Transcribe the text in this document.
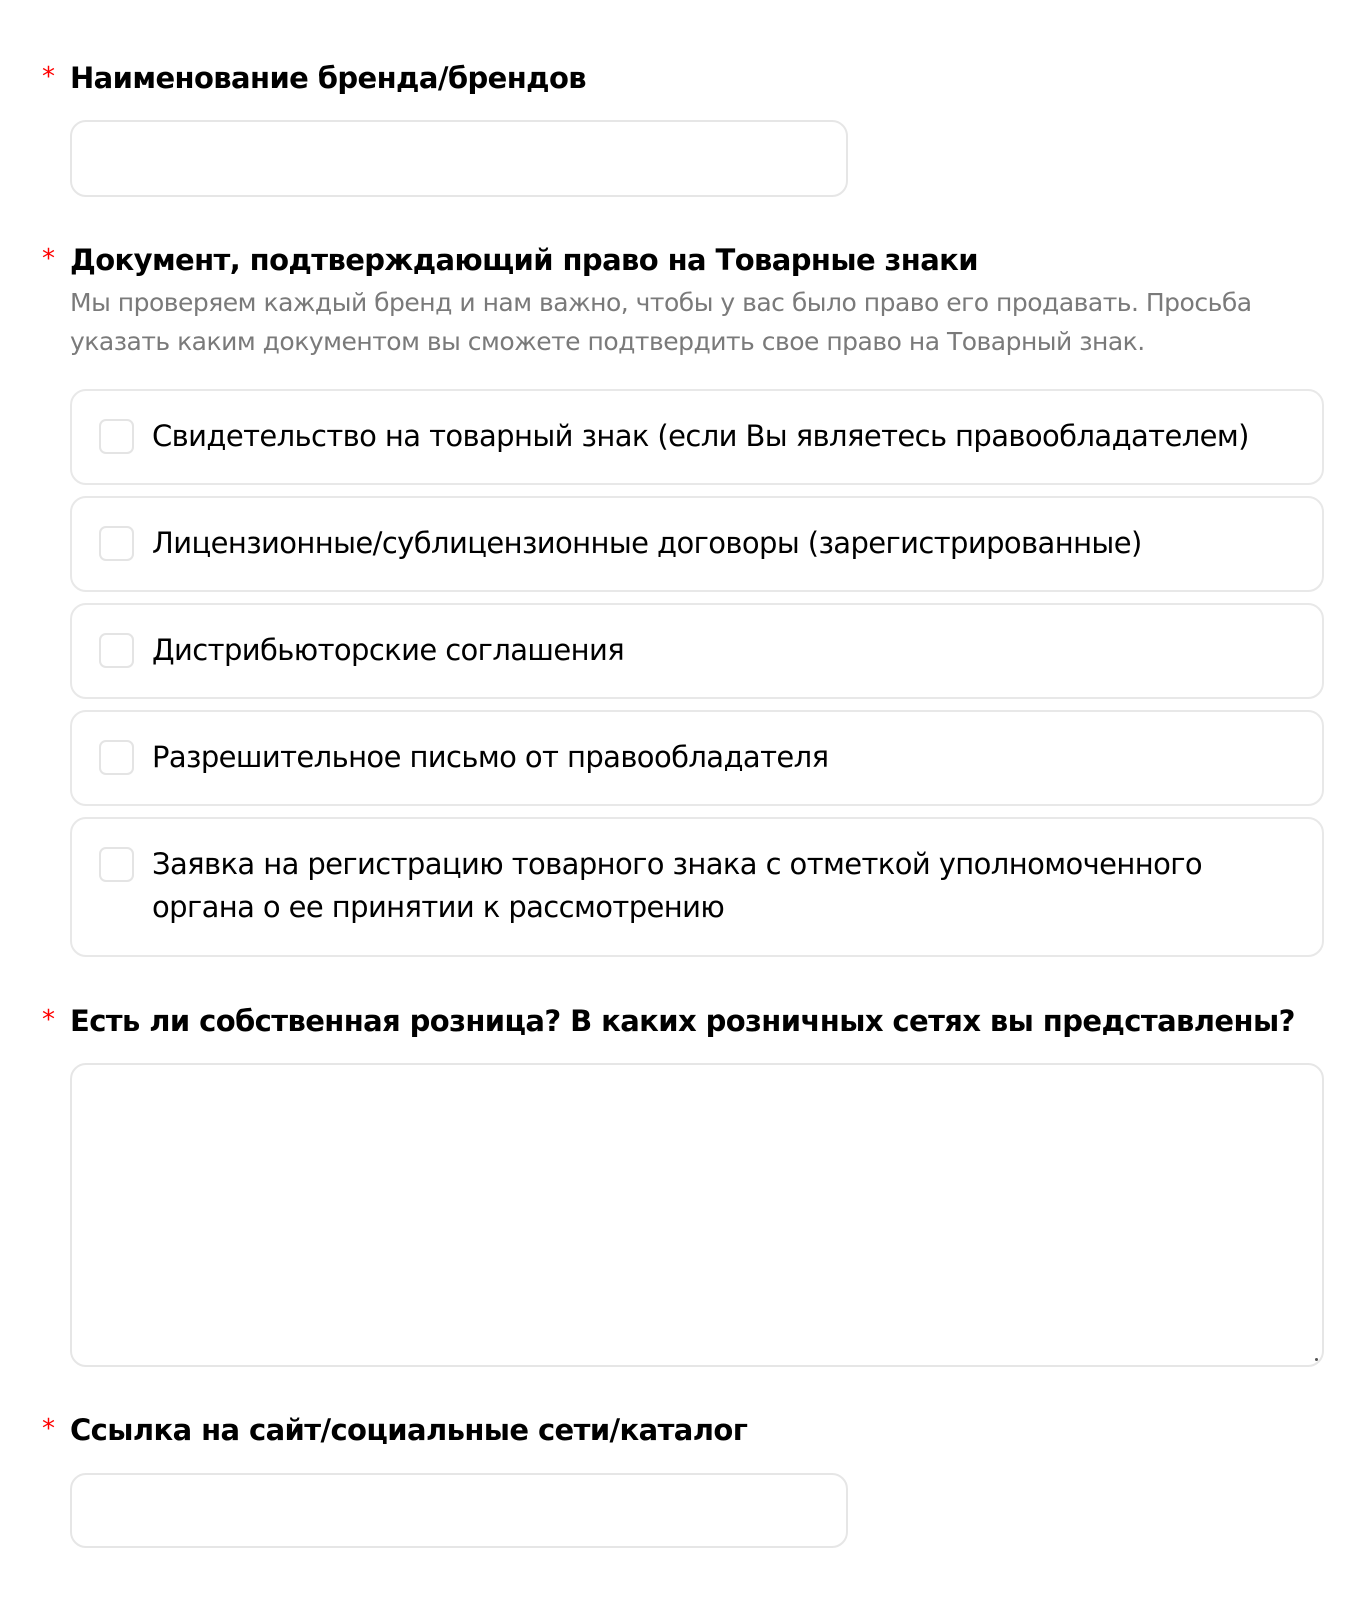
* Наименование бренда/брендов
* Документ, подтверждающий право на Товарные знаки
Мы проверяем каждый бренд и нам важно, чтобы у вас было право его продавать. Просьба указать каким документом вы сможете подтвердить свое право на Товарный знак.
Свидетельство на товарный знак (если Вы являетесь правообладателем)
Лицензионные/сублицензионные договоры (зарегистрированные)
Дистрибьюторские соглашения
Разрешительное письмо от правообладателя
Заявка на регистрацию товарного знака с отметкой уполномоченного органа о ее принятии к рассмотрению
* Есть ли собственная розница? В каких розничных сетях вы представлены?
* Ссылка на сайт/социальные сети/каталог
